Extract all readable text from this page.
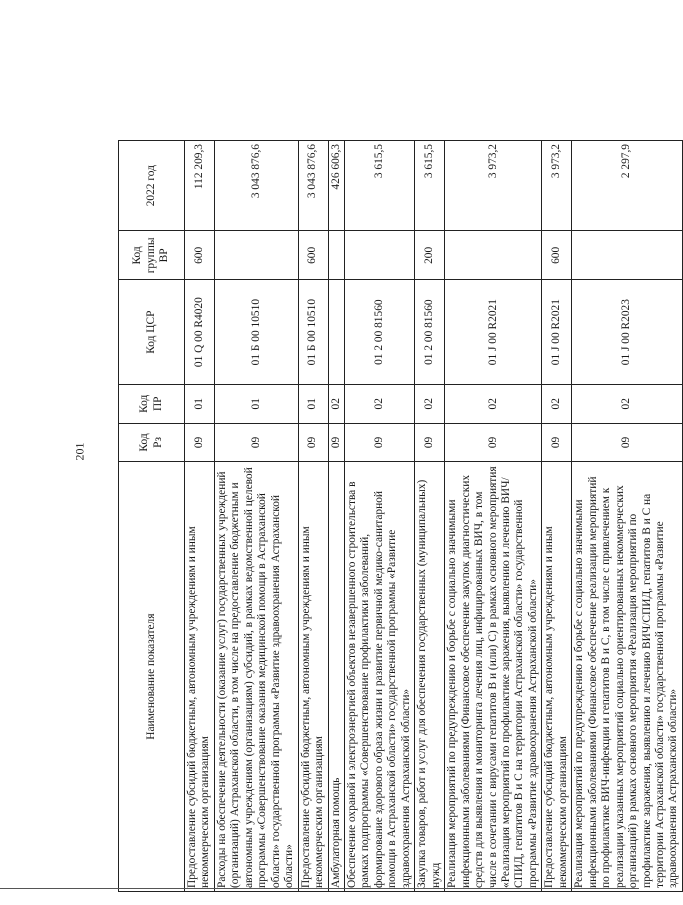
201
Наименование показателя	Код Рз	Код ПР	Код ЦСР	Код группы ВР	2022 год
Предоставление субсидий бюджетным, автономным учреждениям и иным некоммерческим организациям	09	01	01 Q 00 R4020	600	112 209,3
Расходы на обеспечение деятельности (оказание услуг) государственных учреждений (организаций) Астраханской области, в том числе на предоставление бюджетным и автономным учреждениям (организациям) субсидий, в рамках ведомственной целевой программы «Совершенствование оказания медицинской помощи в Астраханской области» государственной программы «Развитие здравоохранения Астраханской области»	09	01	01 Б 00 10510		3 043 876,6
Предоставление субсидий бюджетным, автономным учреждениям и иным некоммерческим организациям	09	01	01 Б 00 10510	600	3 043 876,6
Амбулаторная помощь	09	02			426 606,3
Обеспечение охраной и электроэнергией объектов незавершенного строительства в рамках подпрограммы «Совершенствование профилактики заболеваний, формирование здорового образа жизни и развитие первичной медико-санитарной помощи в Астраханской области» государственной программы «Развитие здравоохранения Астраханской области»	09	02	01 2 00 81560		3 615,5
Закупка товаров, работ и услуг для обеспечения государственных (муниципальных) нужд	09	02	01 2 00 81560	200	3 615,5
Реализация мероприятий по предупреждению и борьбе с социально значимыми инфекционными заболеваниями (Финансовое обеспечение закупок диагностических средств для выявления и мониторинга лечения лиц, инфицированных ВИЧ, в том числе в сочетании с вирусами гепатитов В и (или) С) в рамках основного мероприятия «Реализация мероприятий по профилактике заражения, выявлению и лечению ВИЧ/СПИД, гепатитов В и С на территории Астраханской области» государственной программы «Развитие здравоохранения Астраханской области»	09	02	01 J 00 R2021		3 973,2
Предоставление субсидий бюджетным, автономным учреждениям и иным некоммерческим организациям	09	02	01 J 00 R2021	600	3 973,2
Реализация мероприятий по предупреждению и борьбе с социально значимыми инфекционными заболеваниями (Финансовое обеспечение реализации мероприятий по профилактике ВИЧ-инфекции и гепатитов В и С, в том числе с привлечением к реализации указанных мероприятий социально ориентированных некоммерческих организаций) в рамках основного мероприятия «Реализация мероприятий по профилактике заражения, выявлению и лечению ВИЧ/СПИД, гепатитов В и С на территории Астраханской области» государственной программы «Развитие здравоохранения Астраханской области»	09	02	01 J 00 R2023		2 297,9
